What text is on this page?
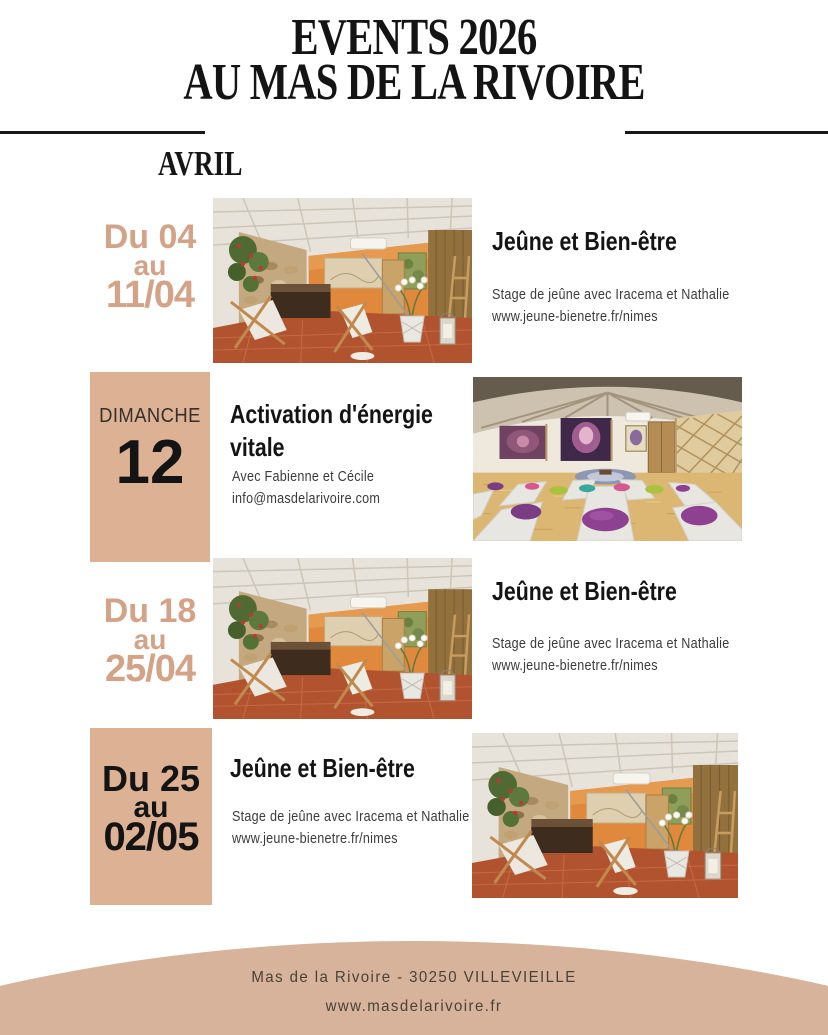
EVENTS 2026
AU MAS DE LA RIVOIRE
AVRIL
Du 04
au
11/04
Jeûne et Bien-être
Stage de jeûne avec Iracema et Nathalie
www.jeune-bienetre.fr/nimes
DIMANCHE
12
Activation d'énergie vitale
Avec Fabienne et Cécile
info@masdelarivoire.com
Du 18
au
25/04
Jeûne et Bien-être
Stage de jeûne avec Iracema et Nathalie
www.jeune-bienetre.fr/nimes
Du 25
au
02/05
Jeûne et Bien-être
Stage de jeûne avec Iracema et Nathalie
www.jeune-bienetre.fr/nimes
Mas de la Rivoire - 30250 VILLEVIEILLE
www.masdelarivoire.fr
